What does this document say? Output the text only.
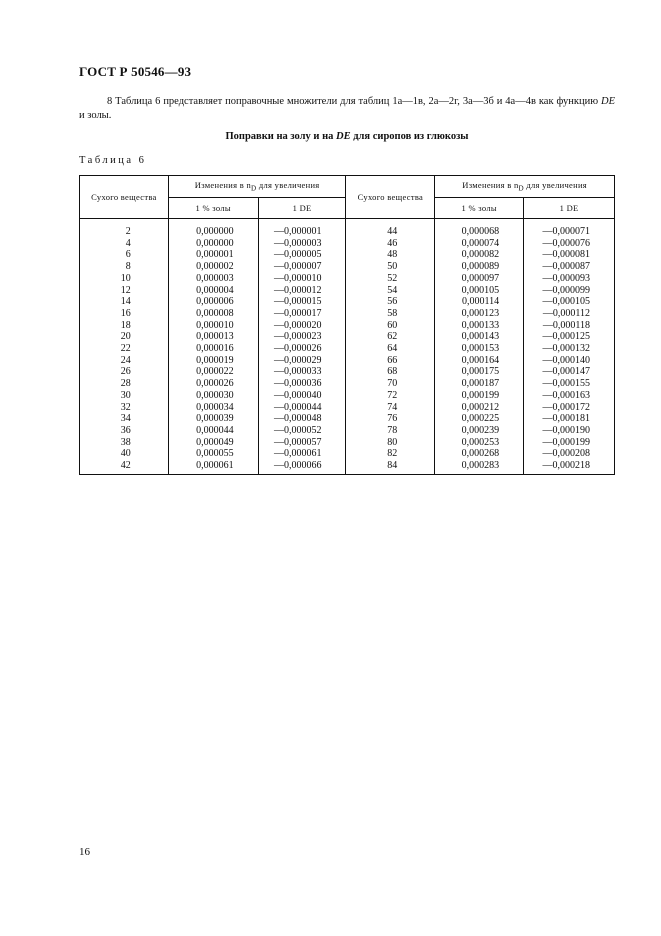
ГОСТ Р 50546—93
8 Таблица 6 представляет поправочные множители для таблиц 1а—1в, 2а—2г, 3а—3б и 4а—4в как функцию DE и золы.
Поправки на золу и на DE для сиропов из глюкозы
Таблица 6
Сухого вещества	Изменения в $n_D$ для увеличения		Сухого вещества	Изменения в $n_D$ для увеличения	
	1 % золы	1 DE		1 % золы	1 DE
2	0,000000	—0,000001	44	0,000068	—0,000071
4	0,000000	—0,000003	46	0,000074	—0,000076
6	0,000001	—0,000005	48	0,000082	—0,000081
8	0,000002	—0,000007	50	0,000089	—0,000087
10	0,000003	—0,000010	52	0,000097	—0,000093
12	0,000004	—0,000012	54	0,000105	—0,000099
14	0,000006	—0,000015	56	0,000114	—0,000105
16	0,000008	—0,000017	58	0,000123	—0,000112
18	0,000010	—0,000020	60	0,000133	—0,000118
20	0,000013	—0,000023	62	0,000143	—0,000125
22	0,000016	—0,000026	64	0,000153	—0,000132
24	0,000019	—0,000029	66	0,000164	—0,000140
26	0,000022	—0,000033	68	0,000175	—0,000147
28	0,000026	—0,000036	70	0,000187	—0,000155
30	0,000030	—0,000040	72	0,000199	—0,000163
32	0,000034	—0,000044	74	0,000212	—0,000172
34	0,000039	—0,000048	76	0,000225	—0,000181
36	0,000044	—0,000052	78	0,000239	—0,000190
38	0,000049	—0,000057	80	0,000253	—0,000199
40	0,000055	—0,000061	82	0,000268	—0,000208
42	0,000061	—0,000066	84	0,000283	—0,000218
16
